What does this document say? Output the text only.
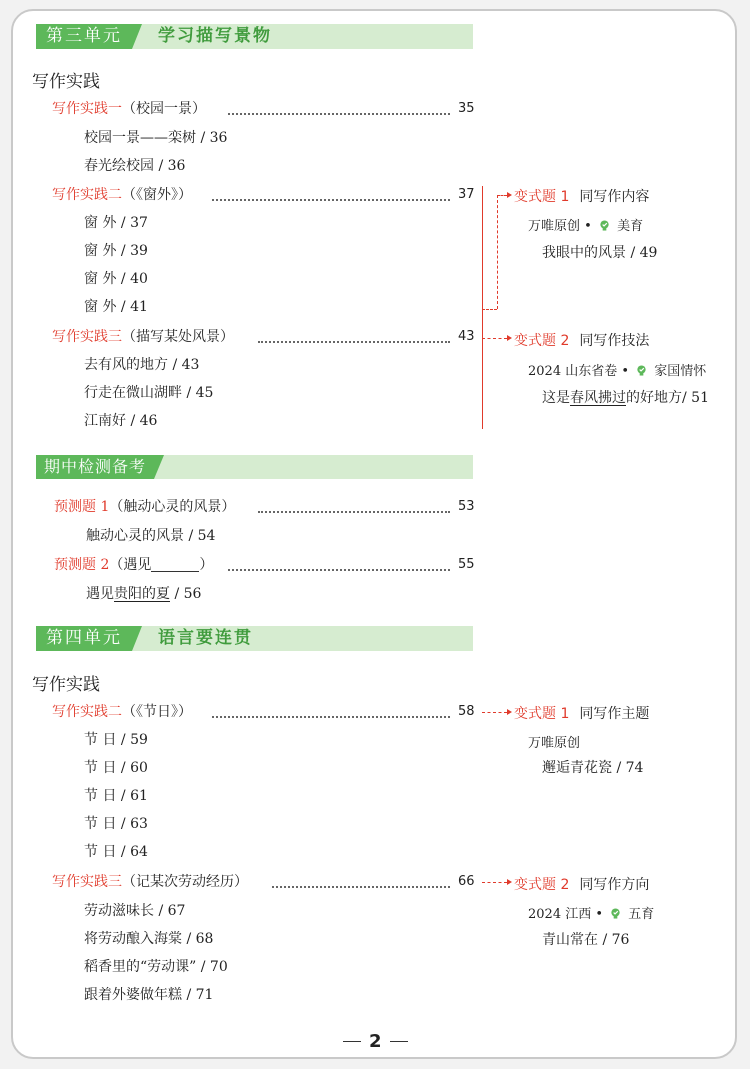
第三单元	学习描写景物
写作实践
写作实践一（校园一景）	35
校园一景——栾树 / 36
春光绘校园 / 36
写作实践二（《窗外》）	37
窗 外 / 37
窗 外 / 39
窗 外 / 40
窗 外 / 41
写作实践三（描写某处风景）	43
去有风的地方 / 43
行走在微山湖畔 / 45
江南好 / 46
变式题 1 同写作内容
万唯原创 •  美育
我眼中的风景 / 49
变式题 2 同写作技法
2024 山东省卷 •  家国情怀
这是春风拂过的好地方/ 51
期中检测备考
预测题 1（触动心灵的风景）	53
触动心灵的风景 / 54
预测题 2（遇见	）	55
遇见贵阳的夏 / 56
第四单元	语言要连贯
写作实践
写作实践二（《节日》）	58
节 日 / 59
节 日 / 60
节 日 / 61
节 日 / 63
节 日 / 64
变式题 1 同写作主题
万唯原创
邂逅青花瓷 / 74
写作实践三（记某次劳动经历）	66
劳动滋味长 / 67
将劳动酿入海棠 / 68
稻香里的“劳动课” / 70
跟着外婆做年糕 / 71
变式题 2 同写作方向
2024 江西 •  五育
青山常在 / 76
2
